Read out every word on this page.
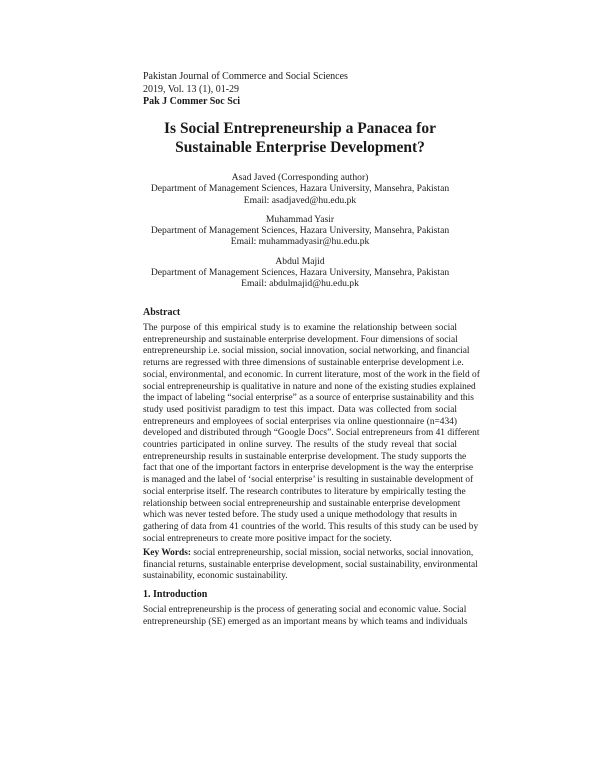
Pakistan Journal of Commerce and Social Sciences
2019, Vol. 13 (1), 01-29
Pak J Commer Soc Sci
Is Social Entrepreneurship a Panacea for
Sustainable Enterprise Development?
Asad Javed (Corresponding author)
Department of Management Sciences, Hazara University, Mansehra, Pakistan
Email: asadjaved@hu.edu.pk
Muhammad Yasir
Department of Management Sciences, Hazara University, Mansehra, Pakistan
Email: muhammadyasir@hu.edu.pk
Abdul Majid
Department of Management Sciences, Hazara University, Mansehra, Pakistan
Email: abdulmajid@hu.edu.pk
Abstract
The purpose of this empirical study is to examine the relationship between social
entrepreneurship and sustainable enterprise development. Four dimensions of social
entrepreneurship i.e. social mission, social innovation, social networking, and financial
returns are regressed with three dimensions of sustainable enterprise development i.e.
social, environmental, and economic. In current literature, most of the work in the field of
social entrepreneurship is qualitative in nature and none of the existing studies explained
the impact of labeling “social enterprise” as a source of enterprise sustainability and this
study used positivist paradigm to test this impact. Data was collected from social
entrepreneurs and employees of social enterprises via online questionnaire (n=434)
developed and distributed through “Google Docs”. Social entrepreneurs from 41 different
countries participated in online survey. The results of the study reveal that social
entrepreneurship results in sustainable enterprise development. The study supports the
fact that one of the important factors in enterprise development is the way the enterprise
is managed and the label of ‘social enterprise’ is resulting in sustainable development of
social enterprise itself. The research contributes to literature by empirically testing the
relationship between social entrepreneurship and sustainable enterprise development
which was never tested before. The study used a unique methodology that results in
gathering of data from 41 countries of the world. This results of this study can be used by
social entrepreneurs to create more positive impact for the society.
Key Words: social entrepreneurship, social mission, social networks, social innovation,
financial returns, sustainable enterprise development, social sustainability, environmental
sustainability, economic sustainability.
1. Introduction
Social entrepreneurship is the process of generating social and economic value. Social
entrepreneurship (SE) emerged as an important means by which teams and individuals
